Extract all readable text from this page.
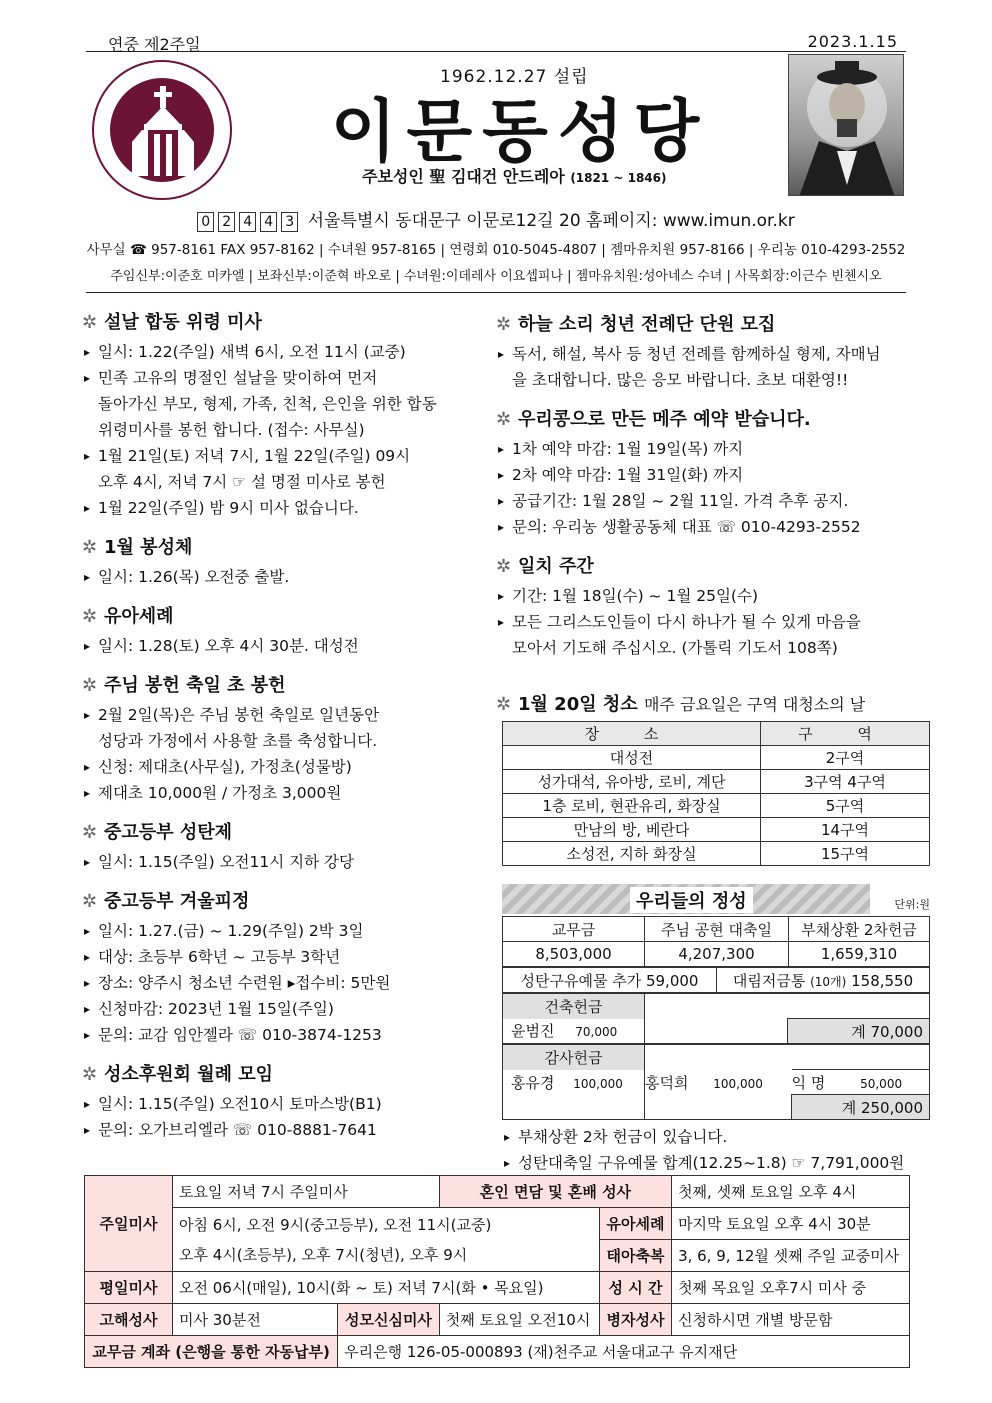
연중 제2주일	2023.1.15
1962.12.27 설립
이문동성당
주보성인 聖 김대건 안드레아 (1821 ~ 1846)
0 2 4 4 3 서울특별시 동대문구 이문로12길 20 홈페이지: www.imun.or.kr
사무실 ☎ 957-8161 FAX 957-8162 | 수녀원 957-8165 | 연령회 010-5045-4807 | 젬마유치원 957-8166 | 우리농 010-4293-2552
주임신부:이준호 미카엘 | 보좌신부:이준혁 바오로 | 수녀원:이데레사 이요셉피나 | 젬마유치원:성아네스 수녀 | 사목회장:이근수 빈첸시오
✲ 설날 합동 위령 미사
▸ 일시: 1.22(주일) 새벽 6시, 오전 11시 (교중)
▸ 민족 고유의 명절인 설날을 맞이하여 먼저
돌아가신 부모, 형제, 가족, 친척, 은인을 위한 합동
위령미사를 봉헌 합니다. (접수: 사무실)
▸ 1월 21일(토) 저녁 7시, 1월 22일(주일) 09시
오후 4시, 저녁 7시 ☞ 설 명절 미사로 봉헌
▸ 1월 22일(주일) 밤 9시 미사 없습니다.
✲ 1월 봉성체
▸ 일시: 1.26(목) 오전중 출발.
✲ 유아세례
▸ 일시: 1.28(토) 오후 4시 30분. 대성전
✲ 주님 봉헌 축일 초 봉헌
▸ 2월 2일(목)은 주님 봉헌 축일로 일년동안
성당과 가정에서 사용할 초를 축성합니다.
▸ 신청: 제대초(사무실), 가정초(성물방)
▸ 제대초 10,000원 / 가정초 3,000원
✲ 중고등부 성탄제
▸ 일시: 1.15(주일) 오전11시 지하 강당
✲ 중고등부 겨울피정
▸ 일시: 1.27.(금) ~ 1.29(주일) 2박 3일
▸ 대상: 초등부 6학년 ~ 고등부 3학년
▸ 장소: 양주시 청소년 수련원 ▸접수비: 5만원
▸ 신청마감: 2023년 1월 15일(주일)
▸ 문의: 교감 임안젤라 ☏ 010-3874-1253
✲ 성소후원회 월례 모임
▸ 일시: 1.15(주일) 오전10시 토마스방(B1)
▸ 문의: 오가브리엘라 ☏ 010-8881-7641
✲ 하늘 소리 청년 전례단 단원 모집
▸ 독서, 해설, 복사 등 청년 전례를 함께하실 형제, 자매님
을 초대합니다. 많은 응모 바랍니다. 초보 대환영!!
✲ 우리콩으로 만든 메주 예약 받습니다.
▸ 1차 예약 마감: 1월 19일(목) 까지
▸ 2차 예약 마감: 1월 31일(화) 까지
▸ 공급기간: 1월 28일 ~ 2월 11일. 가격 추후 공지.
▸ 문의: 우리농 생활공동체 대표 ☏ 010-4293-2552
✲ 일치 주간
▸ 기간: 1월 18일(수) ~ 1월 25일(수)
▸ 모든 그리스도인들이 다시 하나가 될 수 있게 마음을
모아서 기도해 주십시오. (가톨릭 기도서 108쪽)
✲ 1월 20일 청소 매주 금요일은 구역 대청소의 날
장 소	구 역
대성전	2구역
성가대석, 유아방, 로비, 계단	3구역 4구역
1층 로비, 현관유리, 화장실	5구역
만남의 방, 베란다	14구역
소성전, 지하 화장실	15구역
우리들의 정성	단위:원
교무금	주님 공현 대축일	부채상환 2차헌금
8,503,000	4,207,300	1,659,310
성탄구유예물 추가 59,000	대림저금통 (10개) 158,550
건축헌금		
윤범진 70,000		계 70,000
감사헌금		
홍유경 100,000	홍덕희 100,000	익 명 50,000
		계 250,000
▸ 부채상환 2차 헌금이 있습니다.
▸ 성탄대축일 구유예물 합계(12.25~1.8) ☞ 7,791,000원
주일미사	토요일 저녁 7시 주일미사		혼인 면담 및 혼배 성사		첫째, 셋째 토요일 오후 4시

	아침 6시, 오전 9시(중고등부), 오전 11시(교중)
오후 4시(초등부), 오후 7시(청년), 오후 9시			유아세례	마지막 토요일 오후 4시 30분
				태아축복	3, 6, 9, 12월 셋째 주일 교중미사
평일미사	오전 06시(매일), 10시(화 ~ 토) 저녁 7시(화 • 목요일)			성 시 간	첫째 목요일 오후7시 미사 중
고해성사	미사 30분전	성모신심미사	첫째 토요일 오전10시	병자성사	신청하시면 개별 방문함
교무금 계좌 (은행을 통한 자동납부)		우리은행 126-05-000893 (재)천주교 서울대교구 유지재단			
